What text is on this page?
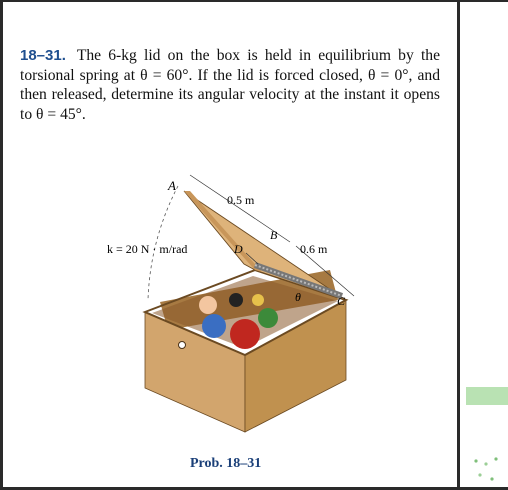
18–31. The 6-kg lid on the box is held in equilibrium by the torsional spring at θ = 60°. If the lid is forced closed, θ = 0°, and then released, determine its angular velocity at the instant it opens to θ = 45°.
A
0.5 m
B
k = 20 N · m/rad	D	0.6 m
θ	C
Prob. 18–31
